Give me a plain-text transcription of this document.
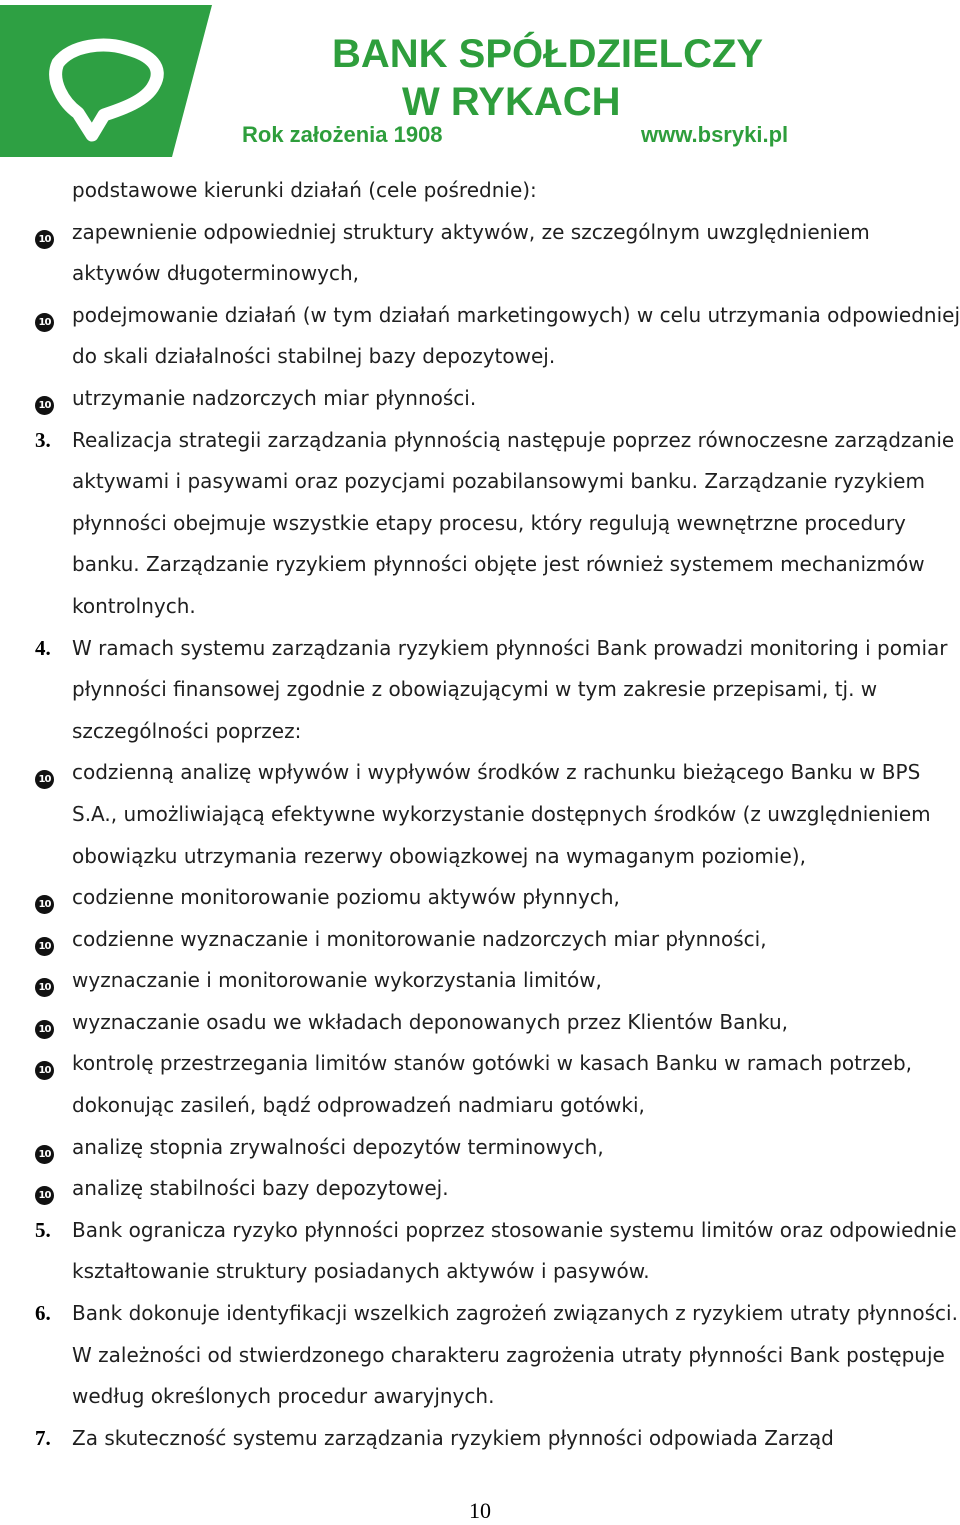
BANK SPÓŁDZIELCZY
W RYKACH
Rok założenia 1908	www.bsryki.pl
podstawowe kierunki działań (cele pośrednie):
10	zapewnienie odpowiedniej struktury aktywów, ze szczególnym uwzględnieniem aktywów długoterminowych,
10	podejmowanie działań (w tym działań marketingowych) w celu utrzymania odpowiedniej do skali działalności stabilnej bazy depozytowej.
10	utrzymanie nadzorczych miar płynności.
3.	Realizacja strategii zarządzania płynnością następuje poprzez równoczesne zarządzanie aktywami i pasywami oraz pozycjami pozabilansowymi banku. Zarządzanie ryzykiem płynności obejmuje wszystkie etapy procesu, który regulują wewnętrzne procedury banku. Zarządzanie ryzykiem płynności objęte jest również systemem mechanizmów kontrolnych.
4.	W ramach systemu zarządzania ryzykiem płynności Bank prowadzi monitoring i pomiar płynności finansowej zgodnie z obowiązującymi w tym zakresie przepisami, tj. w szczególności poprzez:
10	codzienną analizę wpływów i wypływów środków z rachunku bieżącego Banku w BPS S.A., umożliwiającą efektywne wykorzystanie dostępnych środków (z uwzględnieniem obowiązku utrzymania rezerwy obowiązkowej na wymaganym poziomie),
10	codzienne monitorowanie poziomu aktywów płynnych,
10	codzienne wyznaczanie i monitorowanie nadzorczych miar płynności,
10	wyznaczanie i monitorowanie wykorzystania limitów,
10	wyznaczanie osadu we wkładach deponowanych przez Klientów Banku,
10	kontrolę przestrzegania limitów stanów gotówki w kasach Banku w ramach potrzeb, dokonując zasileń, bądź odprowadzeń nadmiaru gotówki,
10	analizę stopnia zrywalności depozytów terminowych,
10	analizę stabilności bazy depozytowej.
5.	Bank ogranicza ryzyko płynności poprzez stosowanie systemu limitów oraz odpowiednie kształtowanie struktury posiadanych aktywów i pasywów.
6.	Bank dokonuje identyfikacji wszelkich zagrożeń związanych z ryzykiem utraty płynności. W zależności od stwierdzonego charakteru zagrożenia utraty płynności Bank postępuje według określonych procedur awaryjnych.
7.	Za skuteczność systemu zarządzania ryzykiem płynności odpowiada Zarząd
10
